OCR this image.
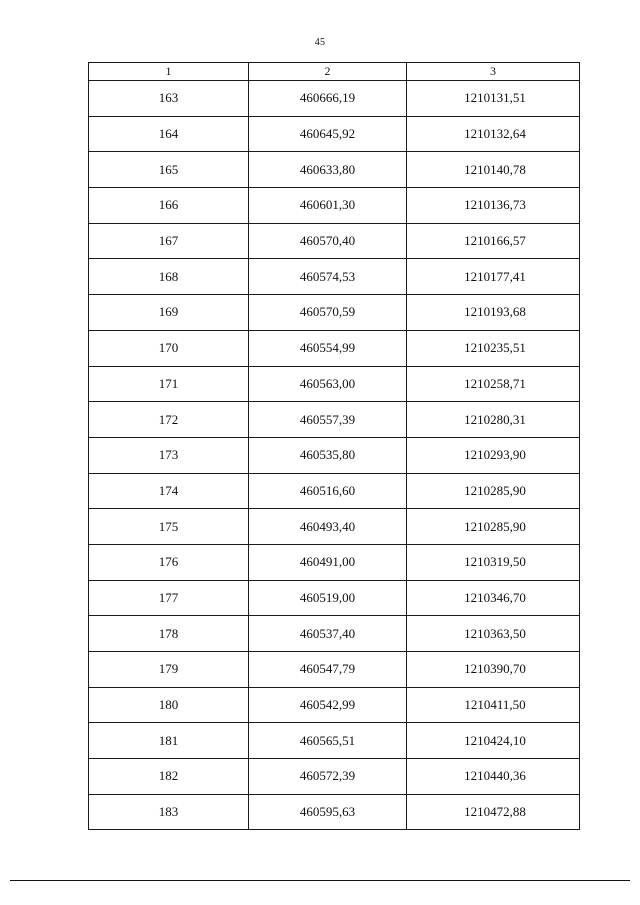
45
1	2	3
163	460666,19	1210131,51
164	460645,92	1210132,64
165	460633,80	1210140,78
166	460601,30	1210136,73
167	460570,40	1210166,57
168	460574,53	1210177,41
169	460570,59	1210193,68
170	460554,99	1210235,51
171	460563,00	1210258,71
172	460557,39	1210280,31
173	460535,80	1210293,90
174	460516,60	1210285,90
175	460493,40	1210285,90
176	460491,00	1210319,50
177	460519,00	1210346,70
178	460537,40	1210363,50
179	460547,79	1210390,70
180	460542,99	1210411,50
181	460565,51	1210424,10
182	460572,39	1210440,36
183	460595,63	1210472,88
